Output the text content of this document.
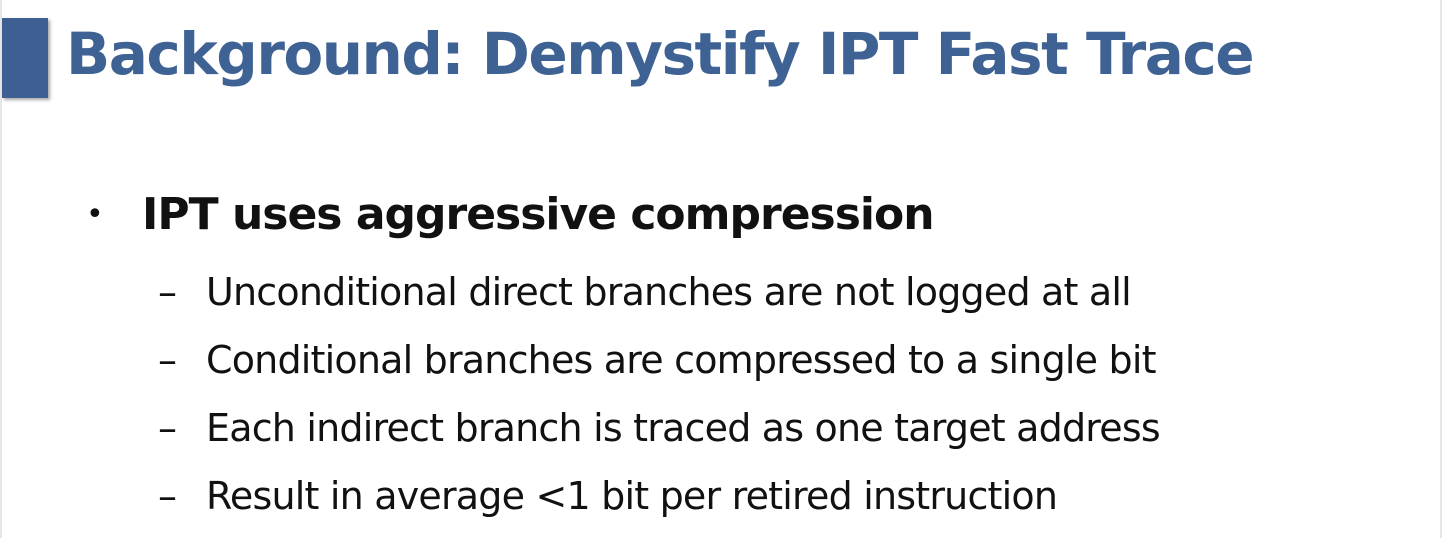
Background: Demystify IPT Fast Trace
• IPT uses aggressive compression
– Unconditional direct branches are not logged at all
– Conditional branches are compressed to a single bit
– Each indirect branch is traced as one target address
– Result in average <1 bit per retired instruction
